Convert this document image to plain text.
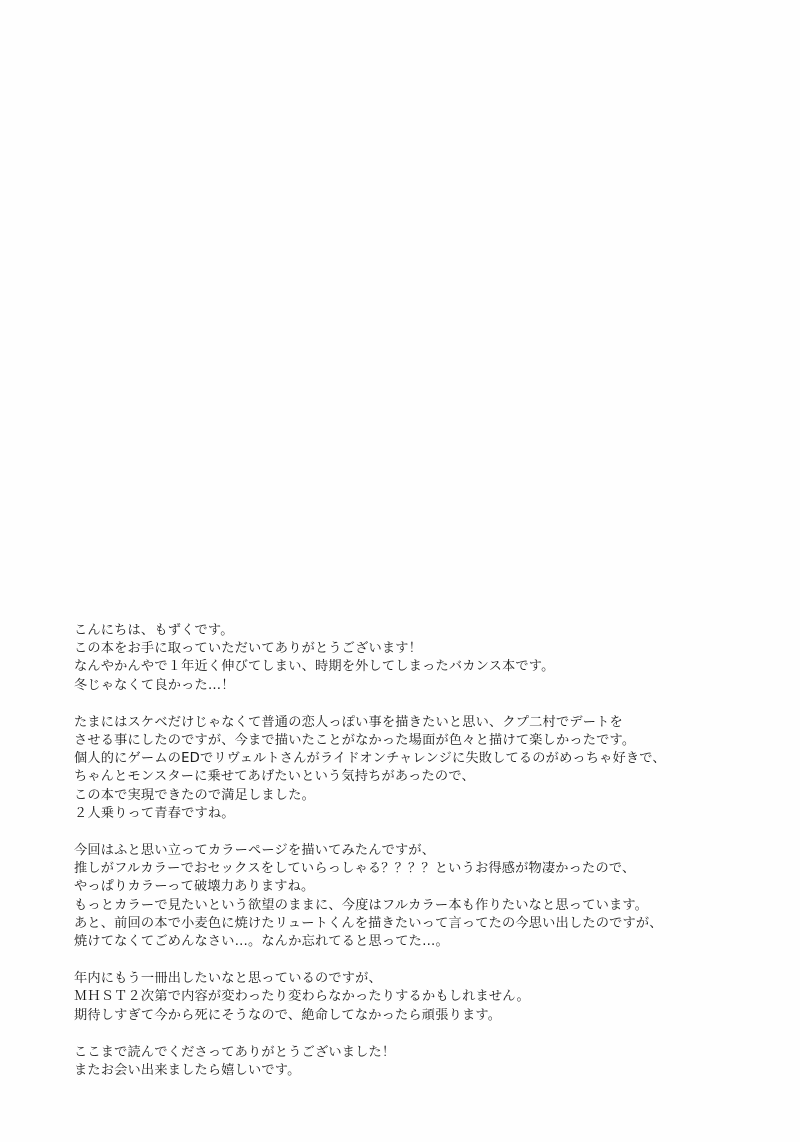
こんにちは、もずくです。
この本をお手に取っていただいてありがとうございます！
なんやかんやで１年近く伸びてしまい、時期を外してしまったバカンス本です。
冬じゃなくて良かった…！
たまにはスケベだけじゃなくて普通の恋人っぽい事を描きたいと思い、クプ二村でデートを
させる事にしたのですが、今まで描いたことがなかった場面が色々と描けて楽しかったです。
個人的にゲームのEDでリヴェルトさんがライドオンチャレンジに失敗してるのがめっちゃ好きで、
ちゃんとモンスターに乗せてあげたいという気持ちがあったので、
この本で実現できたので満足しました。
２人乗りって青春ですね。
今回はふと思い立ってカラーページを描いてみたんですが、
推しがフルカラーでおセックスをしていらっしゃる？？？？というお得感が物凄かったので、
やっぱりカラーって破壊力ありますね。
もっとカラーで見たいという欲望のままに、今度はフルカラー本も作りたいなと思っています。
あと、前回の本で小麦色に焼けたリュートくんを描きたいって言ってたの今思い出したのですが、
焼けてなくてごめんなさい…。なんか忘れてると思ってた…。
年内にもう一冊出したいなと思っているのですが、
ＭＨＳＴ２次第で内容が変わったり変わらなかったりするかもしれません。
期待しすぎて今から死にそうなので、絶命してなかったら頑張ります。
ここまで読んでくださってありがとうございました！
またお会い出来ましたら嬉しいです。
